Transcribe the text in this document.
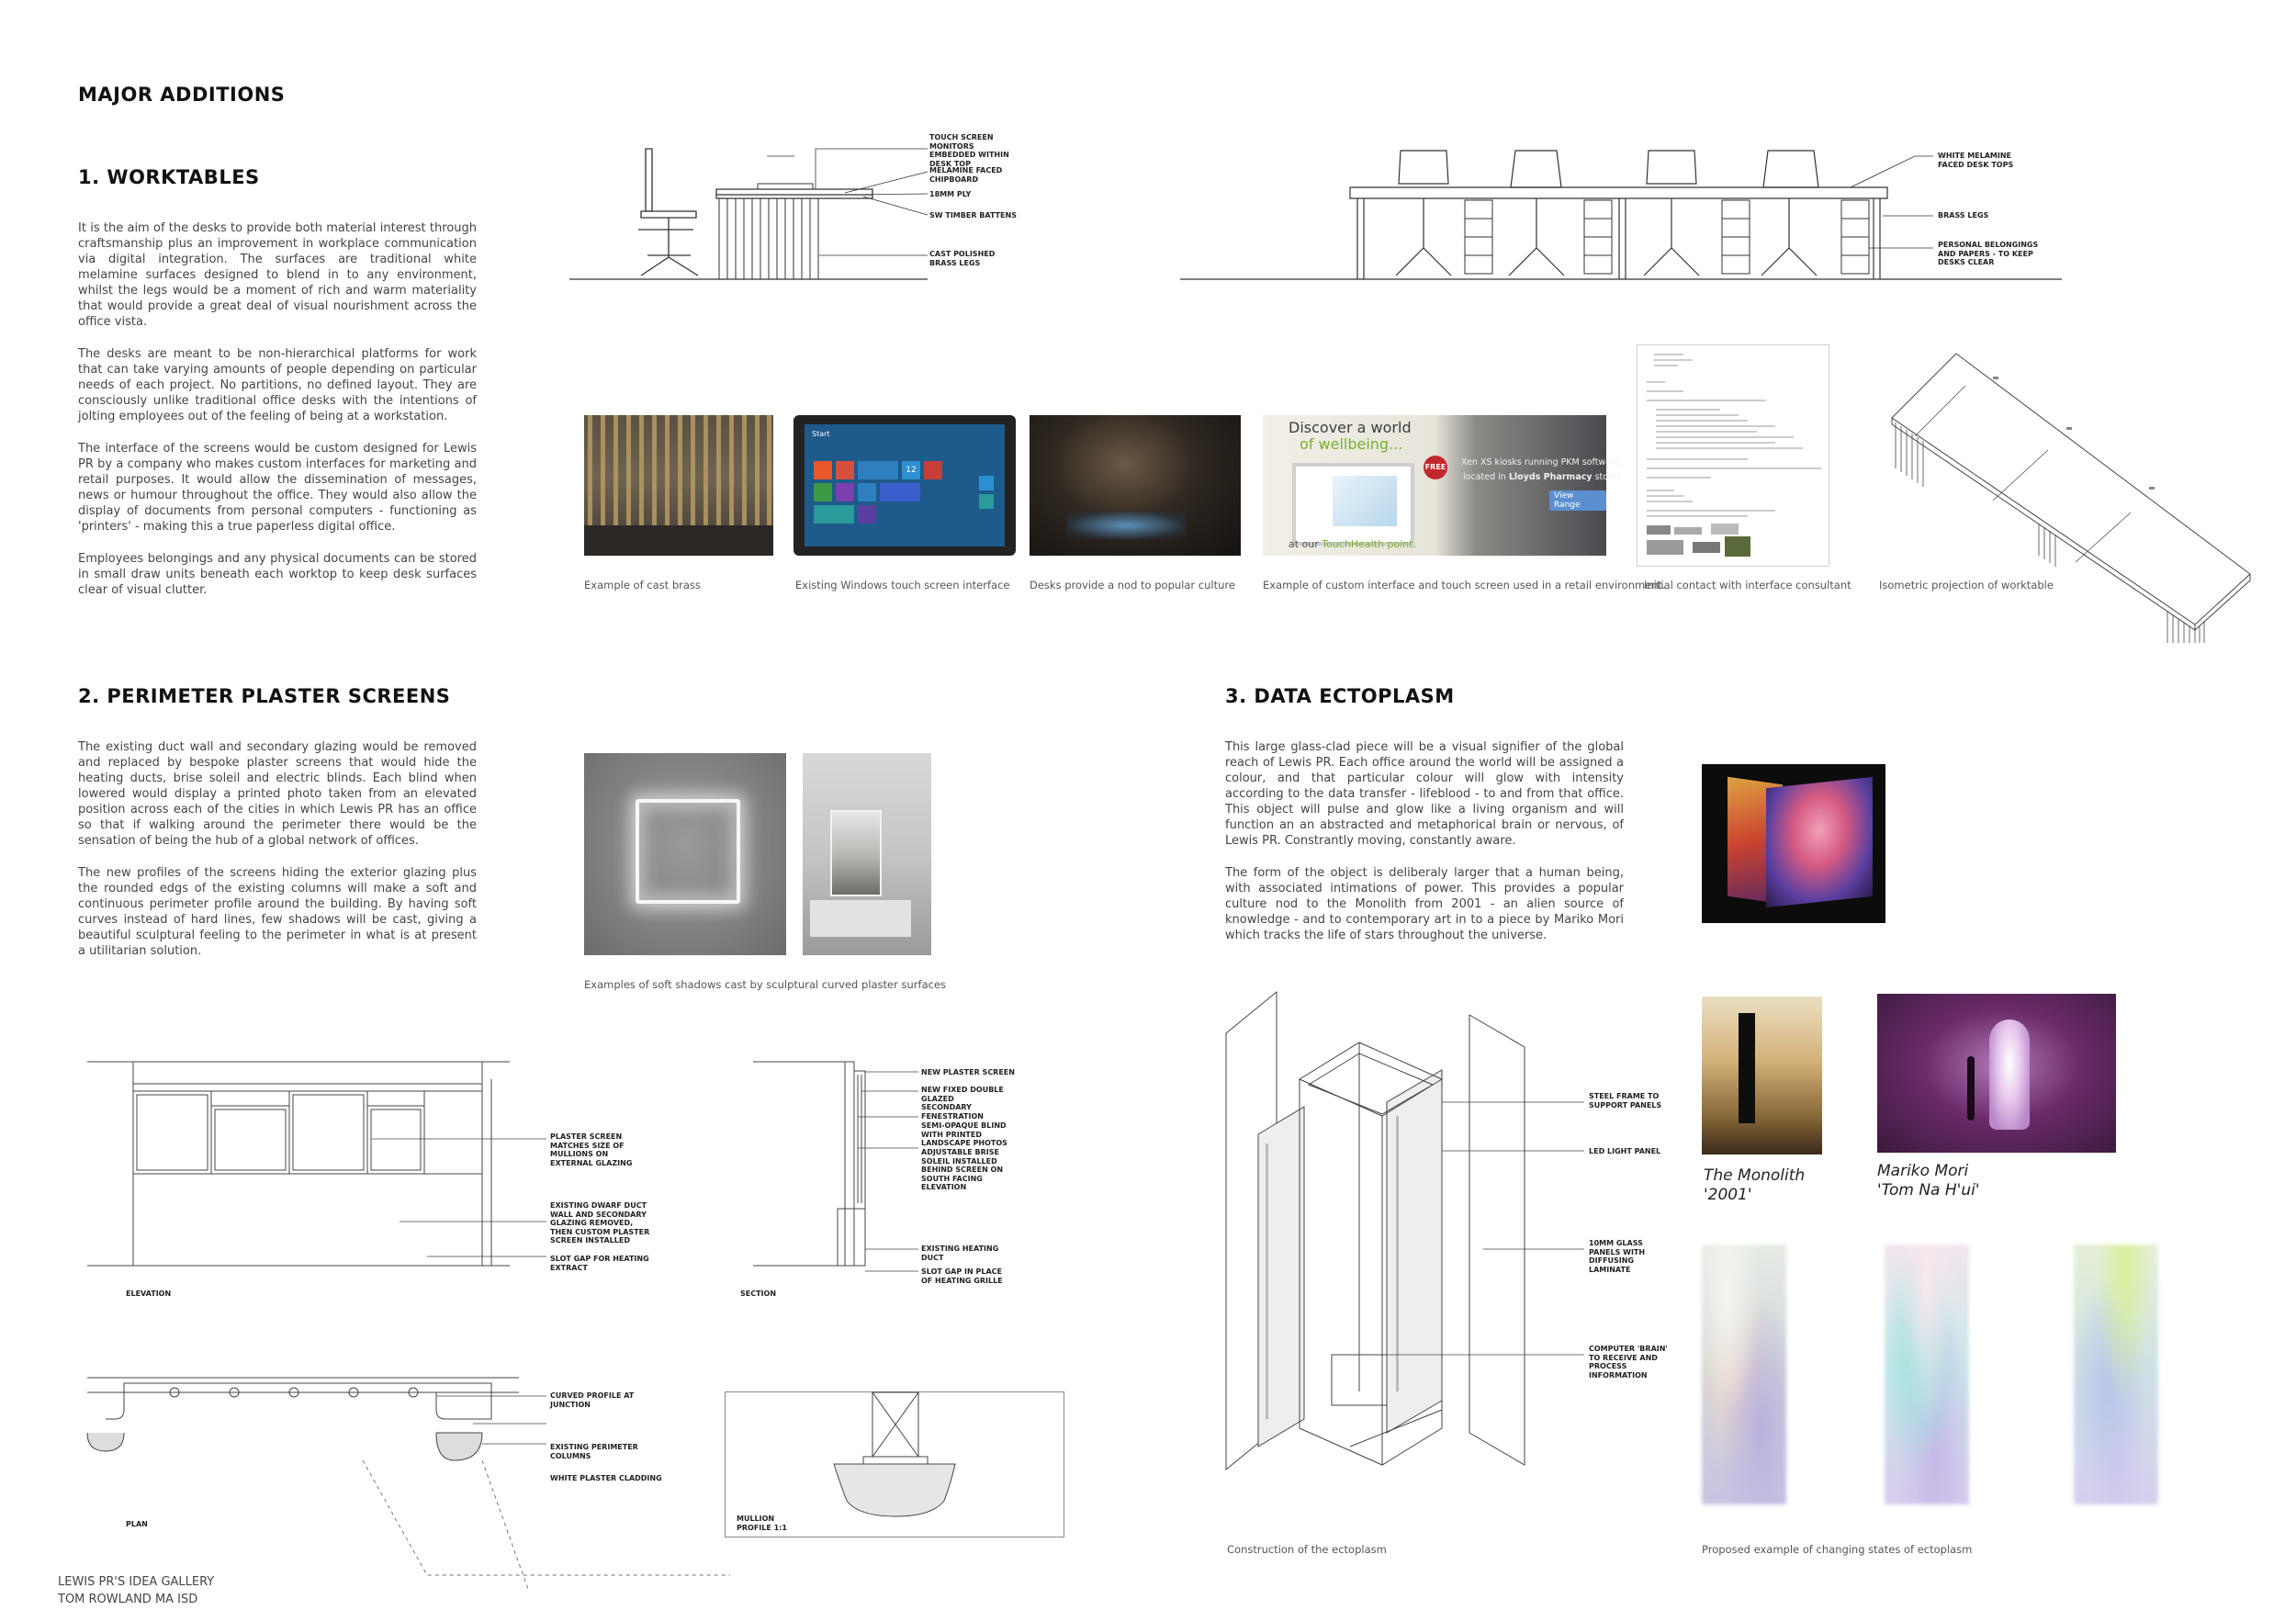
MAJOR ADDITIONS
1. WORKTABLES

It is the aim of the desks to provide both material interest through craftsmanship plus an improvement in workplace communication via digital integration. The surfaces are traditional white melamine surfaces designed to blend in to any environment, whilst the legs would be a moment of rich and warm materiality that would provide a great deal of visual nourishment across the office vista.

The desks are meant to be non-hierarchical platforms for work that can take varying amounts of people depending on particular needs of each project. No partitions, no defined layout. They are consciously unlike traditional office desks with the intentions of jolting employees out of the feeling of being at a workstation.

The interface of the screens would be custom designed for Lewis PR by a company who makes custom interfaces for marketing and retail purposes. It would allow the dissemination of messages, news or humour throughout the office. They would also allow the display of documents from personal computers - functioning as 'printers' - making this a true paperless digital office.

Employees belongings and any physical documents can be stored in small draw units beneath each worktop to keep desk surfaces clear of visual clutter.

TOUCH SCREEN MONITORS EMBEDDED WITHIN DESK TOP
MELAMINE FACED CHIPBOARD
18MM PLY
SW TIMBER BATTENS
CAST POLISHED BRASS LEGS
WHITE MELAMINE FACED DESK TOPS
BRASS LEGS
PERSONAL BELONGINGS AND PAPERS - TO KEEP DESKS CLEAR
Example of cast brass
Start
12
Existing Windows touch screen interface Desks provide a nod to popular culture
Discover a world
of wellbeing...
FREE Xen XS kiosks running PKM software
located in Lloyds Pharmacy stores
View Range
at our TouchHealth point.
Example of custom interface and touch screen used in a retail environment.
Initial contact with interface consultant	Isometric projection of worktable
2. PERIMETER PLASTER SCREENS

The existing duct wall and secondary glazing would be removed and replaced by bespoke plaster screens that would hide the heating ducts, brise soleil and electric blinds. Each blind when lowered would display a printed photo taken from an elevated position across each of the cities in which Lewis PR has an office so that if walking around the perimeter there would be the sensation of being the hub of a global network of offices.

The new profiles of the screens hiding the exterior glazing plus the rounded edgs of the existing columns will make a soft and continuous perimeter profile around the building. By having soft curves instead of hard lines, few shadows will be cast, giving a beautiful sculptural feeling to the perimeter in what is at present a utilitarian solution.

Examples of soft shadows cast by sculptural curved plaster surfaces
PLASTER SCREEN MATCHES SIZE OF MULLIONS ON EXTERNAL GLAZING
EXISTING DWARF DUCT WALL AND SECONDARY GLAZING REMOVED, THEN CUSTOM PLASTER SCREEN INSTALLED
SLOT GAP FOR HEATING EXTRACT
ELEVATION
NEW PLASTER SCREEN
NEW FIXED DOUBLE GLAZED SECONDARY FENESTRATION
SEMI-OPAQUE BLIND WITH PRINTED LANDSCAPE PHOTOS
ADJUSTABLE BRISE SOLEIL INSTALLED BEHIND SCREEN ON SOUTH FACING ELEVATION
EXISTING HEATING DUCT
SLOT GAP IN PLACE OF HEATING GRILLE
SECTION
CURVED PROFILE AT JUNCTION
EXISTING PERIMETER COLUMNS
WHITE PLASTER CLADDING
PLAN
MULLION PROFILE 1:1
3. DATA ECTOPLASM

This large glass-clad piece will be a visual signifier of the global reach of Lewis PR. Each office around the world will be assigned a colour, and that particular colour will glow with intensity according to the data transfer - lifeblood - to and from that office. This object will pulse and glow like a living organism and will function an an abstracted and metaphorical brain or nervous, of Lewis PR. Constrantly moving, constantly aware.

The form of the object is deliberaly larger that a human being, with associated intimations of power. This provides a popular culture nod to the Monolith from 2001 - an alien source of knowledge - and to contemporary art in to a piece by Mariko Mori which tracks the life of stars throughout the universe.

STEEL FRAME TO SUPPORT PANELS
LED LIGHT PANEL
10MM GLASS PANELS WITH DIFFUSING LAMINATE
COMPUTER 'BRAIN' TO RECEIVE AND PROCESS INFORMATION
Construction of the ectoplasm
The Monolith
'2001'
Mariko Mori
'Tom Na H'ui'
Proposed example of changing states of ectoplasm
LEWIS PR'S IDEA GALLERY
TOM ROWLAND MA ISD
